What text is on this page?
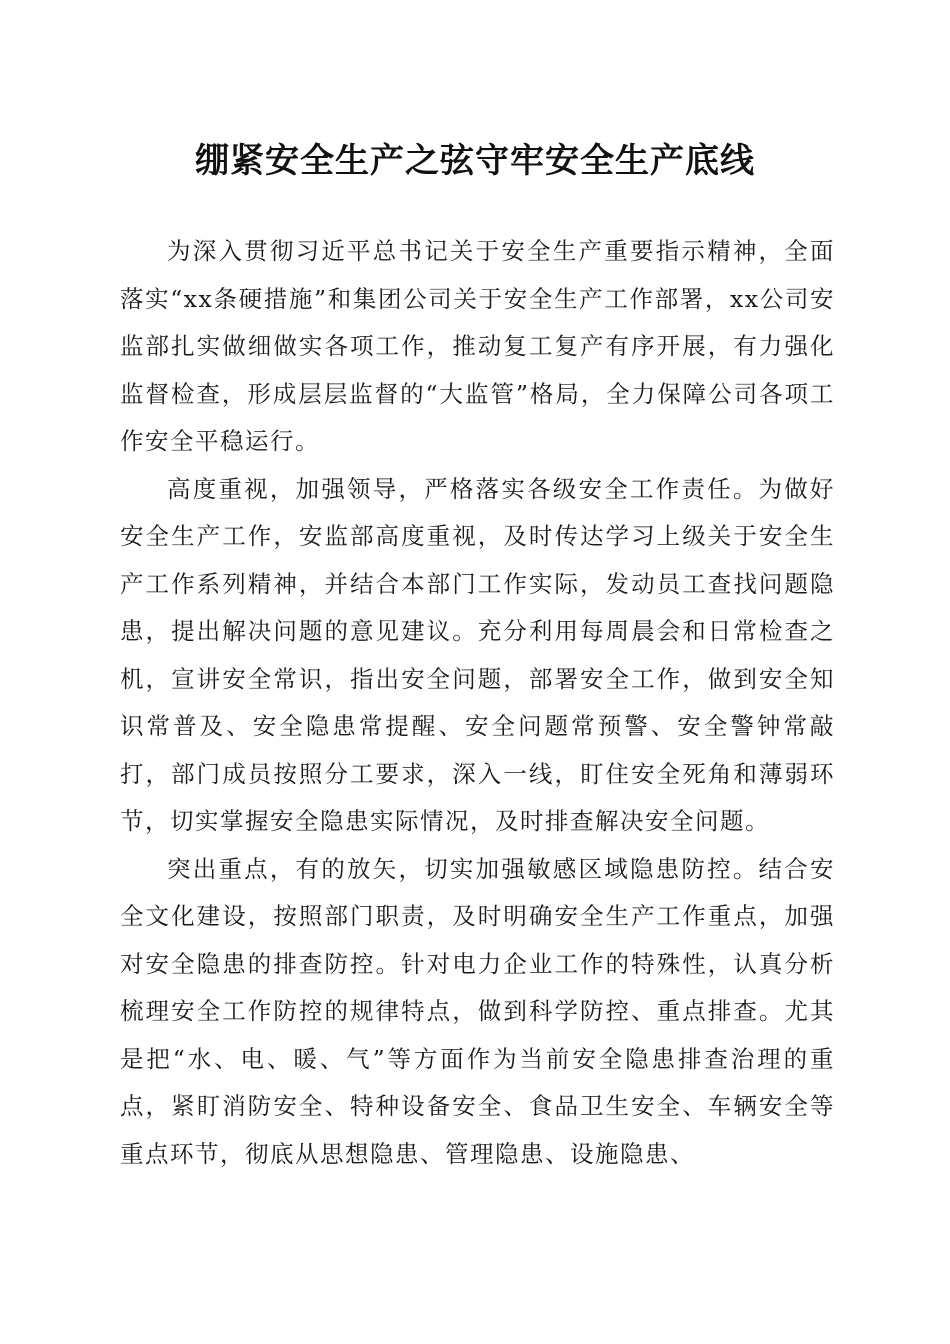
绷紧安全生产之弦守牢安全生产底线

为深入贯彻习近平总书记关于安全生产重要指示精神，全面落实“xx条硬措施”和集团公司关于安全生产工作部署，xx公司安监部扎实做细做实各项工作，推动复工复产有序开展，有力强化监督检查，形成层层监督的“大监管”格局，全力保障公司各项工作安全平稳运行。

高度重视，加强领导，严格落实各级安全工作责任。为做好安全生产工作，安监部高度重视，及时传达学习上级关于安全生产工作系列精神，并结合本部门工作实际，发动员工查找问题隐患，提出解决问题的意见建议。充分利用每周晨会和日常检查之机，宣讲安全常识，指出安全问题，部署安全工作，做到安全知识常普及、安全隐患常提醒、安全问题常预警、安全警钟常敲打，部门成员按照分工要求，深入一线，盯住安全死角和薄弱环节，切实掌握安全隐患实际情况，及时排查解决安全问题。

突出重点，有的放矢，切实加强敏感区域隐患防控。结合安全文化建设，按照部门职责，及时明确安全生产工作重点，加强对安全隐患的排查防控。针对电力企业工作的特殊性，认真分析梳理安全工作防控的规律特点，做到科学防控、重点排查。尤其是把“水、电、暖、气”等方面作为当前安全隐患排查治理的重点，紧盯消防安全、特种设备安全、食品卫生安全、车辆安全等重点环节，彻底从思想隐患、管理隐患、设施隐患、
